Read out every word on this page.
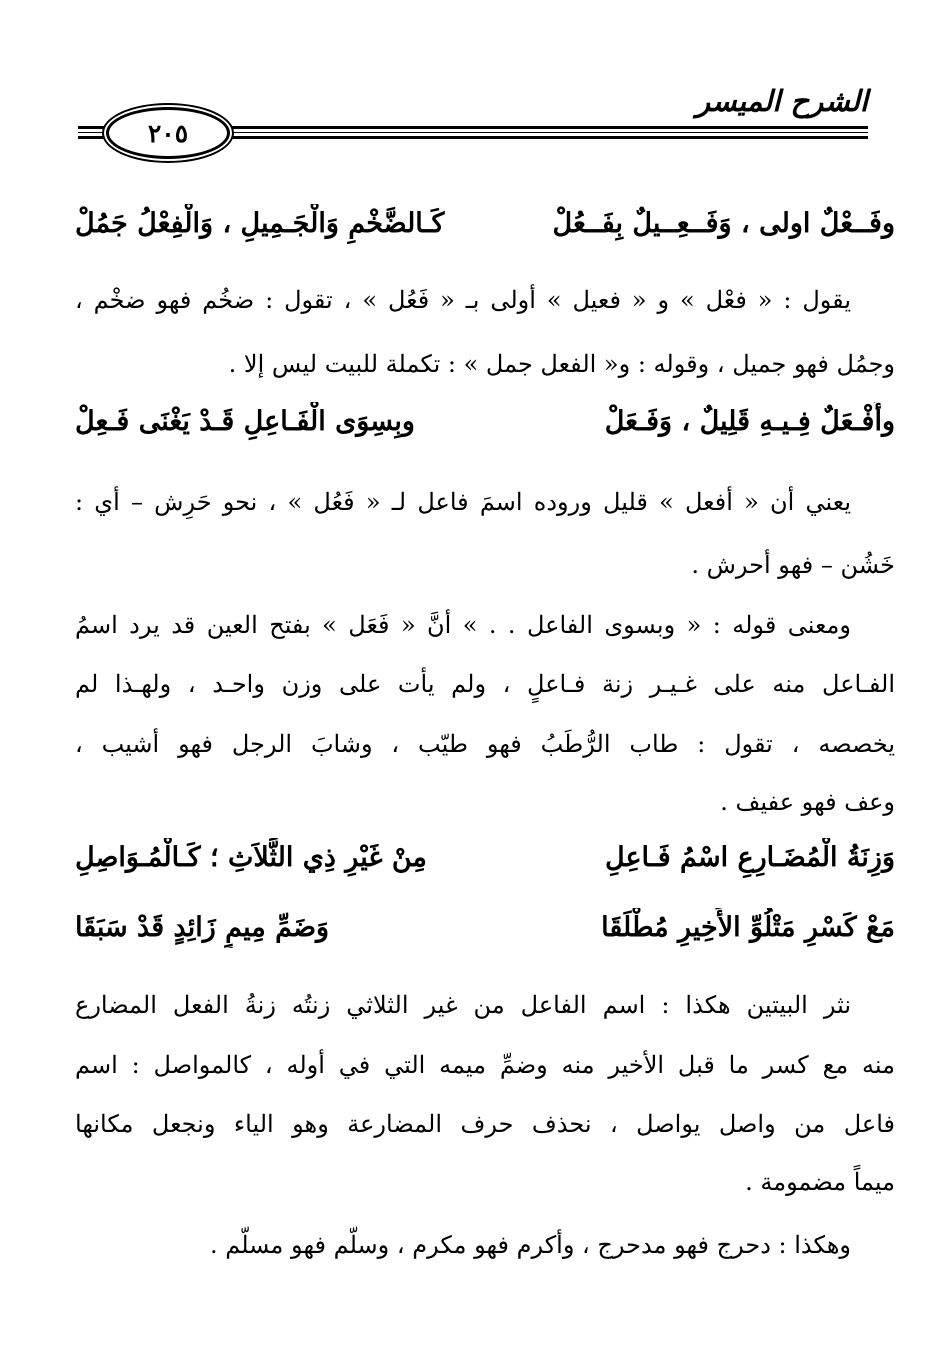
الشرح الميسر
٢٠٥
وفَــعْلٌ اولى ، وَفَــعِــيلٌ بِفَــعُلْ
كَـالضَّخْمِ وَالْجَـمِيلِ ، وَالْفِعْلُ جَمُلْ
يقول : « فعْل » و « فعيل » أولى بـ « فَعُل » ، تقول : ضخُم فهو ضخْم ،
وجمُل فهو جميل ، وقوله : و« الفعل جمل » : تكملة للبيت ليس إلا .
وأَفْـعَلٌ فِـيـهِ قَلِيلٌ ، وَفَـعَلْ
وبِسِوَى الْفَـاعِلِ قَـدْ يَغْنَى فَـعِلْ
يعني أن « أفعل » قليل وروده اسمَ فاعل لـ « فَعُل » ، نحو حَرِش – أي :
خَشُن – فهو أحرش .
ومعنى قوله : « وبسوى الفاعل . . » أنَّ « فَعَل » بفتح العين قد يرد اسمُ
الفـاعل منه على غـيـر زنة فـاعلٍ ، ولم يأت على وزن واحـد ، ولهـذا لم
يخصصه ، تقول : طاب الرُّطَبُ فهو طيّب ، وشابَ الرجل فهو أشيب ،
وعف فهو عفيف .
وَزِنَةُ الْمُضَـارِعِ اسْمُ فَـاعِلِ
مِنْ غَيْرِ ذِي الثَّلاَثِ ؛ كَـالْمُـوَاصِلِ
مَعْ كَسْرِ مَتْلُوِّ الأَخِيرِ مُطْلَقَا
وَضَمِّ مِيمٍ زَائِدٍ قَدْ سَبَقَا
نثر البيتين هكذا : اسم الفاعل من غير الثلاثي زنتُه زنةُ الفعل المضارع
منه مع كسر ما قبل الأخير منه وضمِّ ميمه التي في أوله ، كالمواصل : اسم
فاعل من واصل يواصل ، نحذف حرف المضارعة وهو الياء ونجعل مكانها
ميماً مضمومة .
وهكذا : دحرج فهو مدحرج ، وأكرم فهو مكرم ، وسلّم فهو مسلّم .
